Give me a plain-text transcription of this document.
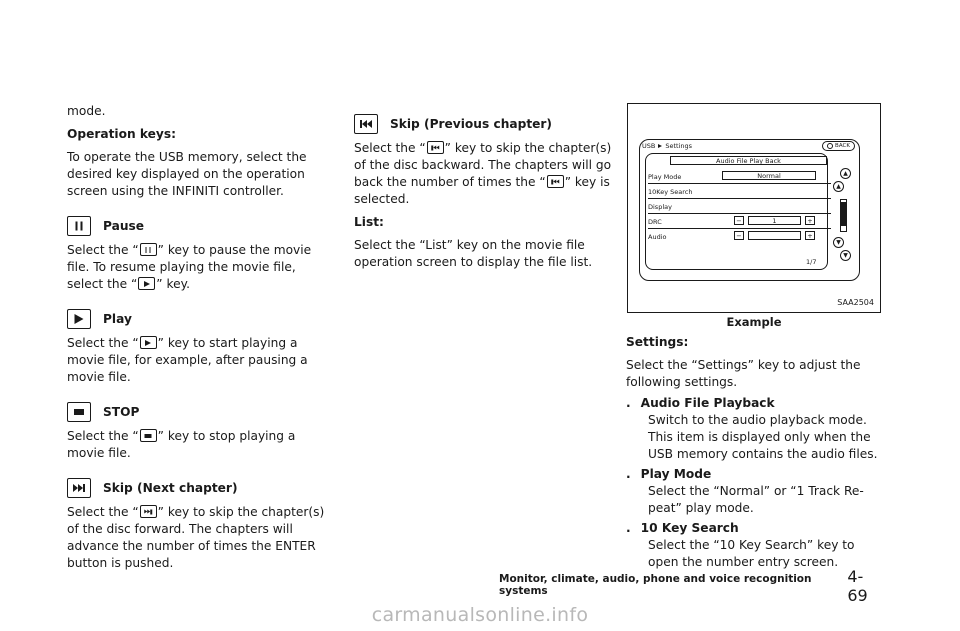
mode.

Operation keys:

To operate the USB memory, select the desired key displayed on the operation screen using the INFINITI controller.

Pause

Select the “ ” key to pause the movie file. To resume playing the movie file, select the “ ” key.

Play

Select the “ ” key to start playing a movie file, for example, after pausing a movie file.

STOP

Select the “ ” key to stop playing a movie file.

Skip (Next chapter)

Select the “ ” key to skip the chapter(s) of the disc forward. The chapters will advance the number of times the ENTER button is pushed.

Skip (Previous chapter)

Select the “ ” key to skip the chapter(s) of the disc backward. The chapters will go back the number of times the “ ” key is selected.

List:

Select the “List” key on the movie file operation screen to display the file list.

USB Settings	BACK
Audio File Play Back
Play Mode	Normal
10Key Search
Display
DRC	−	1	+
Audio	−	+
1/7
▲
▲
▼
▼
SAA2504
Example

Settings:

Select the “Settings” key to adjust the following settings.

. Audio File Playback

Switch to the audio playback mode. This item is displayed only when the USB memory contains the audio files.

. Play Mode

Select the “Normal” or “1 Track Re-peat” play mode.

. 10 Key Search

Select the “10 Key Search” key to open the number entry screen.

Monitor, climate, audio, phone and voice recognition systems
4-69
carmanualsonline.info
